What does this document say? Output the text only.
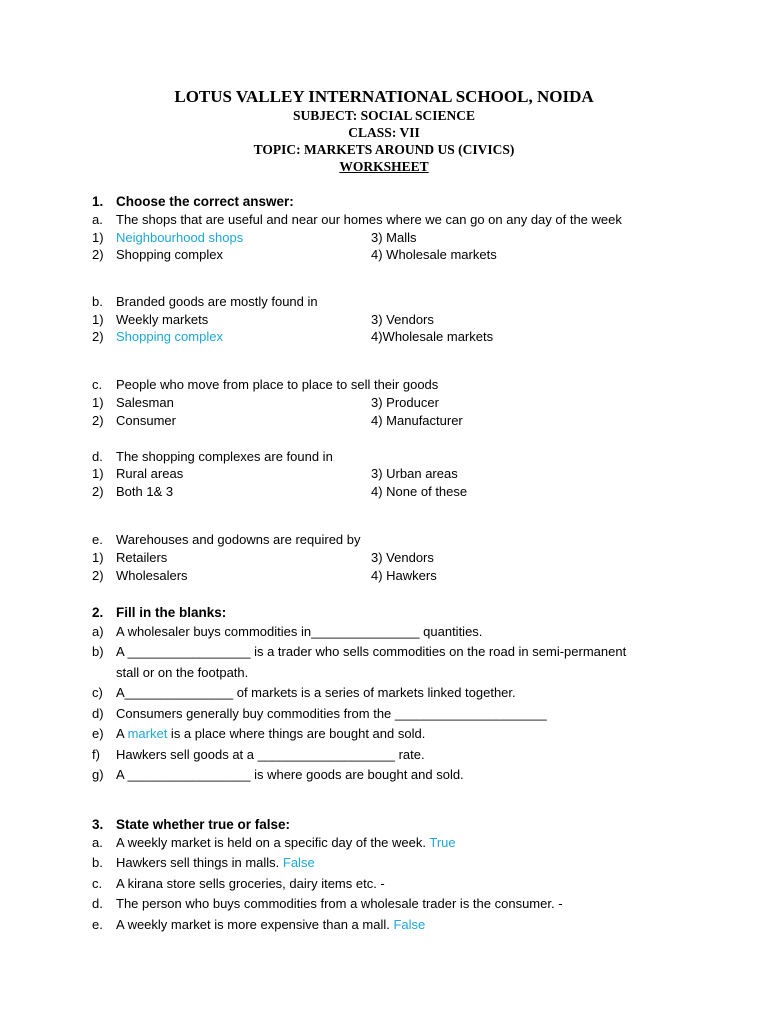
LOTUS VALLEY INTERNATIONAL SCHOOL, NOIDA
SUBJECT: SOCIAL SCIENCE
CLASS: VII
TOPIC: MARKETS AROUND US (CIVICS)
WORKSHEET
1. Choose the correct answer:
a. The shops that are useful and near our homes where we can go on any day of the week
1) Neighbourhood shops	3) Malls
2) Shopping complex	4) Wholesale markets
b. Branded goods are mostly found in
1) Weekly markets	3) Vendors
2) Shopping complex	4)Wholesale markets
c. People who move from place to place to sell their goods
1) Salesman	3) Producer
2) Consumer	4) Manufacturer
d. The shopping complexes are found in
1) Rural areas	3) Urban areas
2) Both 1& 3	4) None of these
e. Warehouses and godowns are required by
1) Retailers	3) Vendors
2) Wholesalers	4) Hawkers
2. Fill in the blanks:
a) A wholesaler buys commodities in_______________ quantities.
b) A _________________ is a trader who sells commodities on the road in semi-permanent
stall or on the footpath.
c) A_______________ of markets is a series of markets linked together.
d) Consumers generally buy commodities from the _____________________
e) A market is a place where things are bought and sold.
f) Hawkers sell goods at a ___________________ rate.
g) A _________________ is where goods are bought and sold.
3. State whether true or false:
a. A weekly market is held on a specific day of the week. True
b. Hawkers sell things in malls. False
c. A kirana store sells groceries, dairy items etc. -
d. The person who buys commodities from a wholesale trader is the consumer. -
e. A weekly market is more expensive than a mall. False
